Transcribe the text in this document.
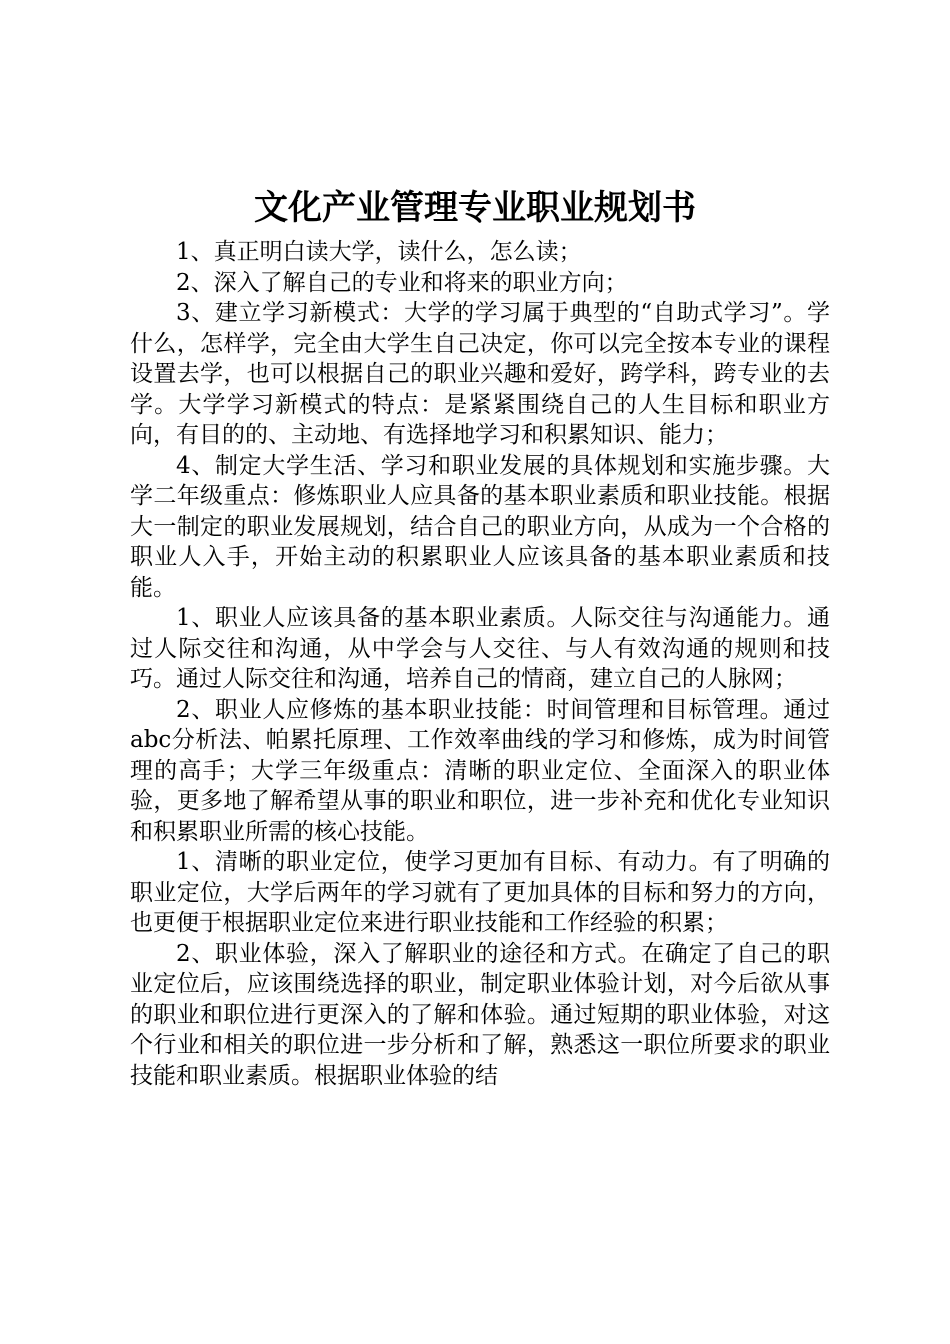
文化产业管理专业职业规划书

1、真正明白读大学，读什么，怎么读；

2、深入了解自己的专业和将来的职业方向；

3、建立学习新模式：大学的学习属于典型的“自助式学习”。学什么，怎样学，完全由大学生自己决定，你可以完全按本专业的课程设置去学，也可以根据自己的职业兴趣和爱好，跨学科，跨专业的去学。大学学习新模式的特点：是紧紧围绕自己的人生目标和职业方向，有目的的、主动地、有选择地学习和积累知识、能力；

4、制定大学生活、学习和职业发展的具体规划和实施步骤。大学二年级重点：修炼职业人应具备的基本职业素质和职业技能。根据大一制定的职业发展规划，结合自己的职业方向，从成为一个合格的职业人入手，开始主动的积累职业人应该具备的基本职业素质和技能。

1、职业人应该具备的基本职业素质。人际交往与沟通能力。通过人际交往和沟通，从中学会与人交往、与人有效沟通的规则和技巧。通过人际交往和沟通，培养自己的情商，建立自己的人脉网；

2、职业人应修炼的基本职业技能：时间管理和目标管理。通过abc分析法、帕累托原理、工作效率曲线的学习和修炼，成为时间管理的高手；大学三年级重点：清晰的职业定位、全面深入的职业体验，更多地了解希望从事的职业和职位，进一步补充和优化专业知识和积累职业所需的核心技能。

1、清晰的职业定位，使学习更加有目标、有动力。有了明确的职业定位，大学后两年的学习就有了更加具体的目标和努力的方向，也更便于根据职业定位来进行职业技能和工作经验的积累；

2、职业体验，深入了解职业的途径和方式。在确定了自己的职业定位后，应该围绕选择的职业，制定职业体验计划，对今后欲从事的职业和职位进行更深入的了解和体验。通过短期的职业体验，对这个行业和相关的职位进一步分析和了解，熟悉这一职位所要求的职业技能和职业素质。根据职业体验的结
